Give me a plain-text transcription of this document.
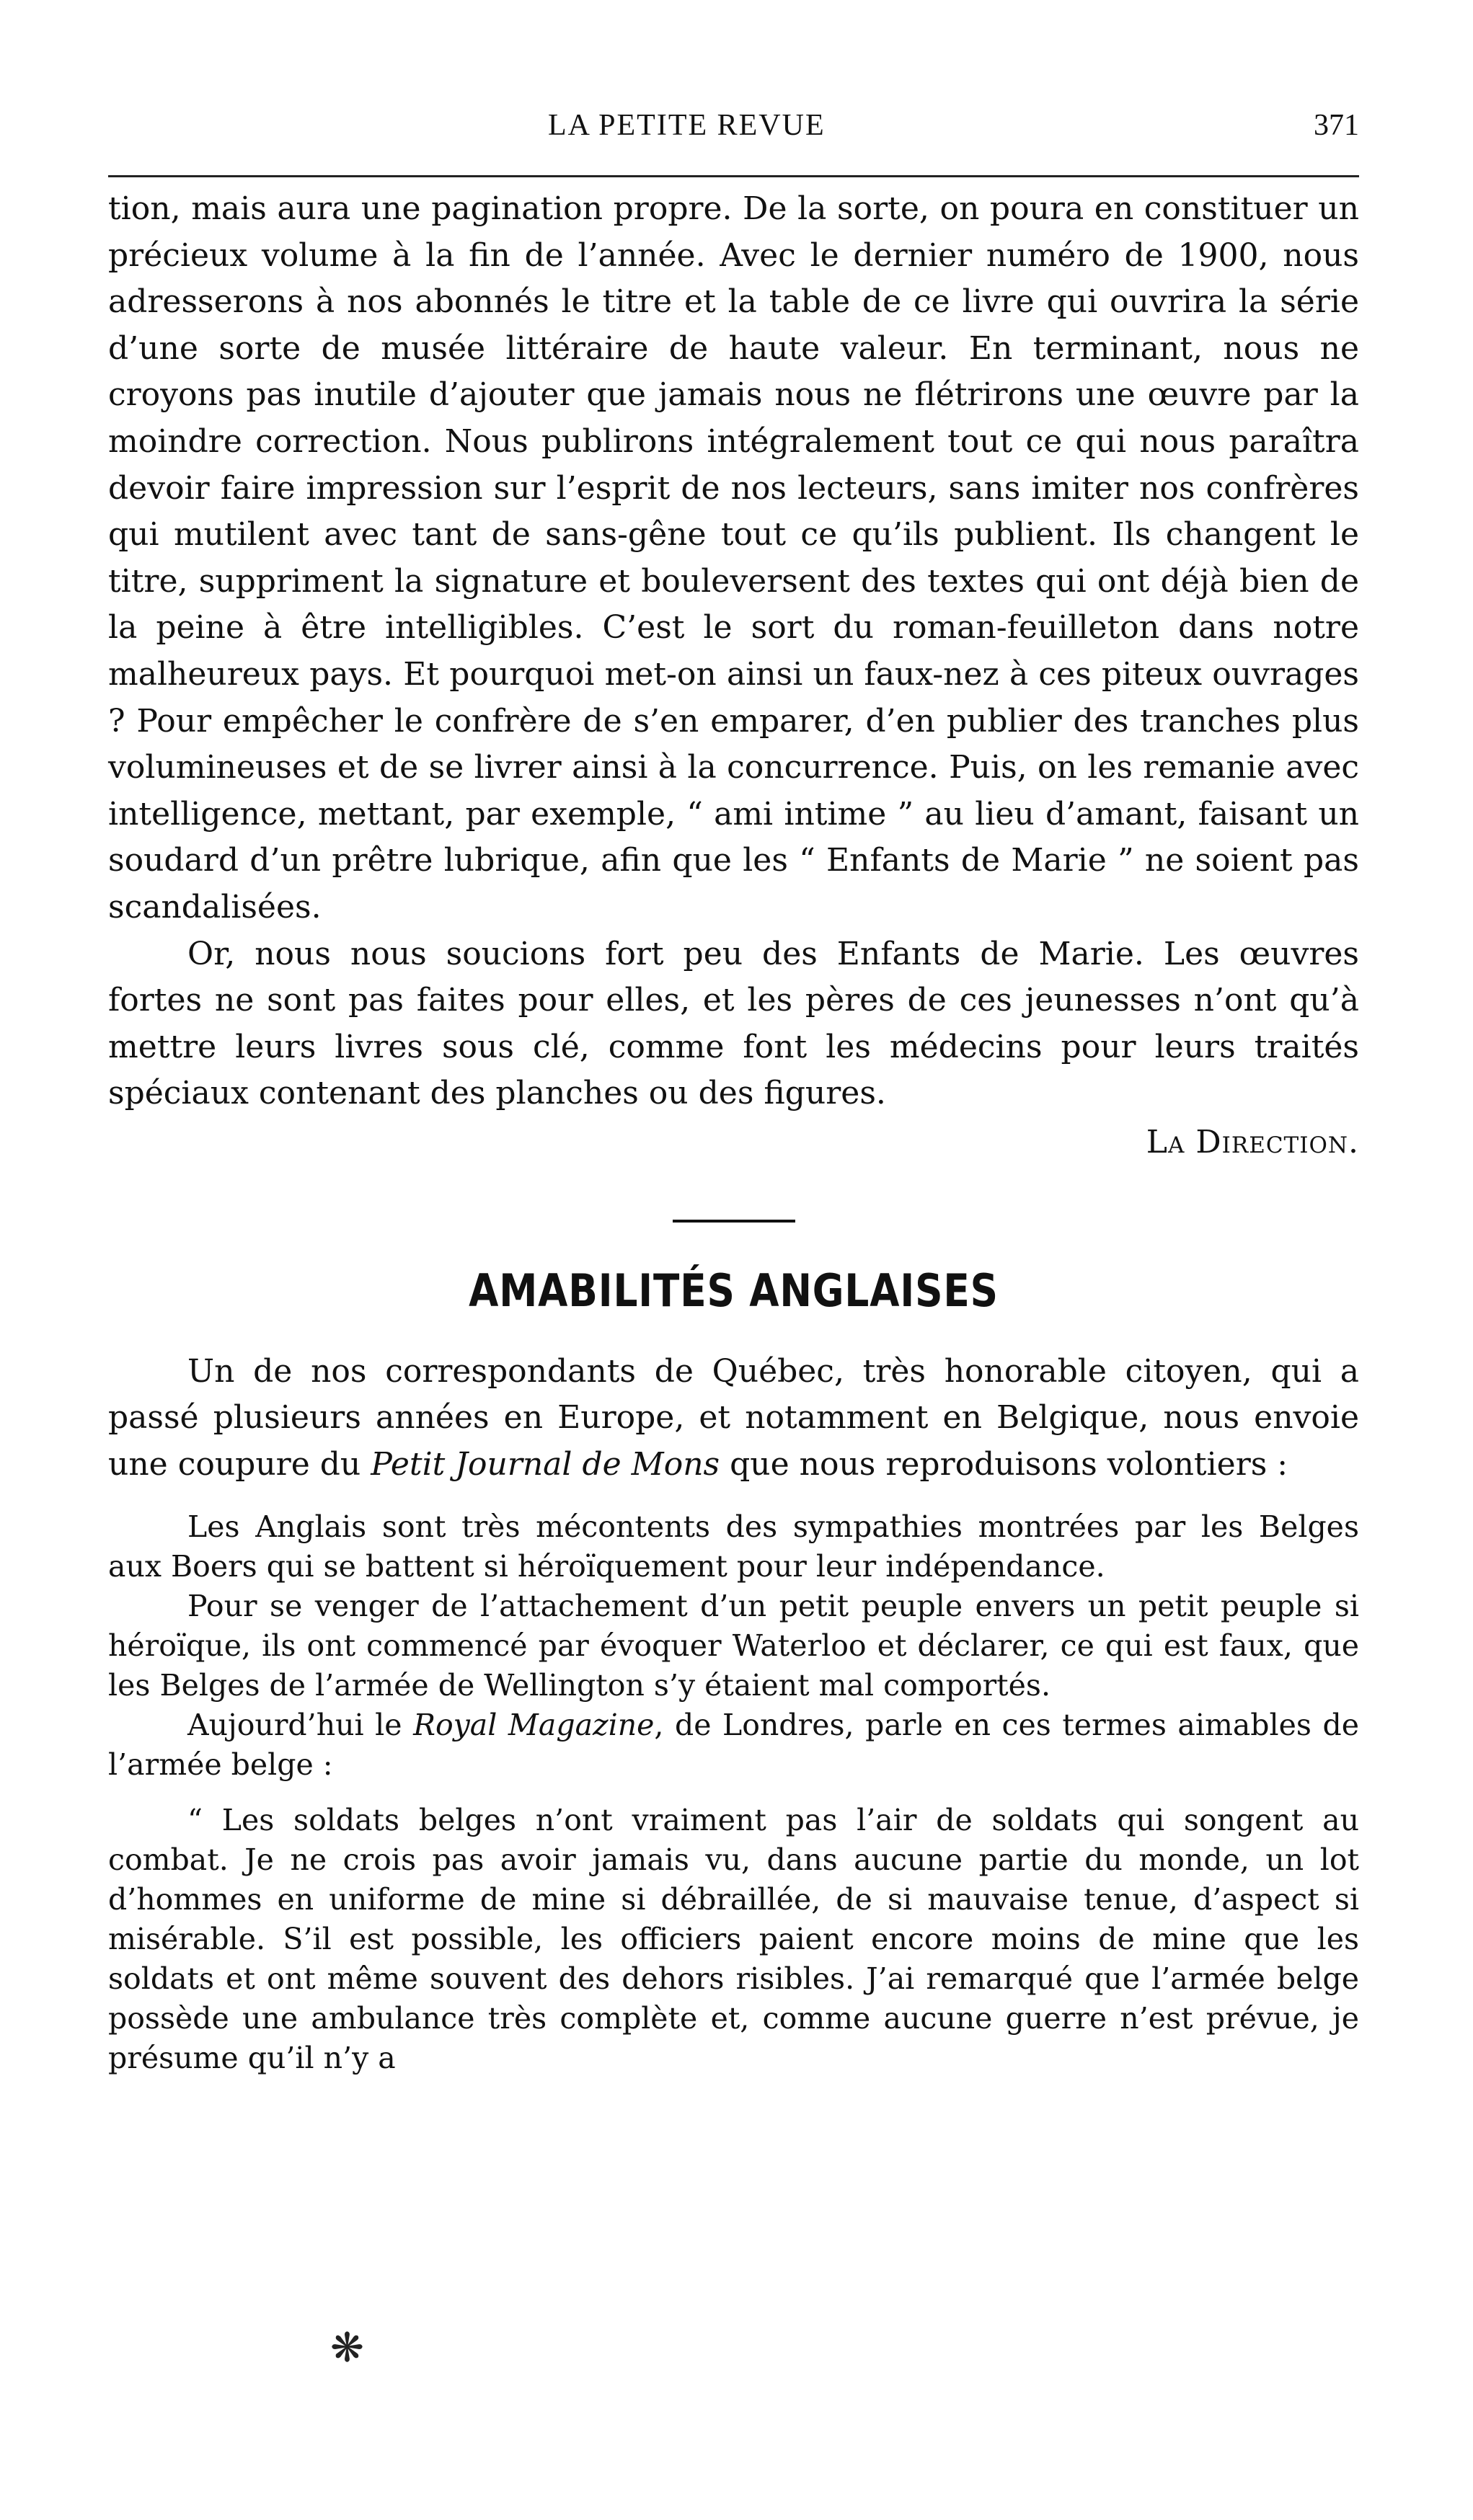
LA PETITE REVUE	371

tion, mais aura une pagination propre. De la sorte, on poura en constituer un précieux volume à la fin de l’année. Avec le dernier numéro de 1900, nous adresserons à nos abonnés le titre et la table de ce livre qui ouvrira la série d’une sorte de musée littéraire de haute valeur. En terminant, nous ne croyons pas inutile d’ajouter que jamais nous ne flétrirons une œuvre par la moindre correction. Nous publirons intégralement tout ce qui nous paraîtra devoir faire impression sur l’esprit de nos lecteurs, sans imiter nos confrères qui mutilent avec tant de sans-gêne tout ce qu’ils publient. Ils changent le titre, suppriment la signature et bouleversent des textes qui ont déjà bien de la peine à être intelligibles. C’est le sort du roman-feuilleton dans notre malheureux pays. Et pourquoi met-on ainsi un faux-nez à ces piteux ouvrages ? Pour empêcher le confrère de s’en emparer, d’en publier des tranches plus volumineuses et de se livrer ainsi à la concurrence. Puis, on les remanie avec intelligence, mettant, par exemple, “ ami intime ” au lieu d’amant, faisant un soudard d’un prêtre lubrique, afin que les “ Enfants de Marie ” ne soient pas scandalisées.

Or, nous nous soucions fort peu des Enfants de Marie. Les œuvres fortes ne sont pas faites pour elles, et les pères de ces jeunesses n’ont qu’à mettre leurs livres sous clé, comme font les médecins pour leurs traités spéciaux contenant des planches ou des figures.

La Direction.

AMABILITÉS ANGLAISES

Un de nos correspondants de Québec, très honorable citoyen, qui a passé plusieurs années en Europe, et notamment en Belgique, nous envoie une coupure du Petit Journal de Mons que nous reproduisons volontiers :

Les Anglais sont très mécontents des sympathies montrées par les Belges aux Boers qui se battent si héroïquement pour leur indépendance.

Pour se venger de l’attachement d’un petit peuple envers un petit peuple si héroïque, ils ont commencé par évoquer Waterloo et déclarer, ce qui est faux, que les Belges de l’armée de Wellington s’y étaient mal comportés.

Aujourd’hui le Royal Magazine, de Londres, parle en ces termes aimables de l’armée belge :

“ Les soldats belges n’ont vraiment pas l’air de soldats qui songent au combat. Je ne crois pas avoir jamais vu, dans aucune partie du monde, un lot d’hommes en uniforme de mine si débraillée, de si mauvaise tenue, d’aspect si misérable. S’il est possible, les officiers paient encore moins de mine que les soldats et ont même souvent des dehors risibles. J’ai remarqué que l’armée belge possède une ambulance très complète et, comme aucune guerre n’est prévue, je présume qu’il n’y a

❋
